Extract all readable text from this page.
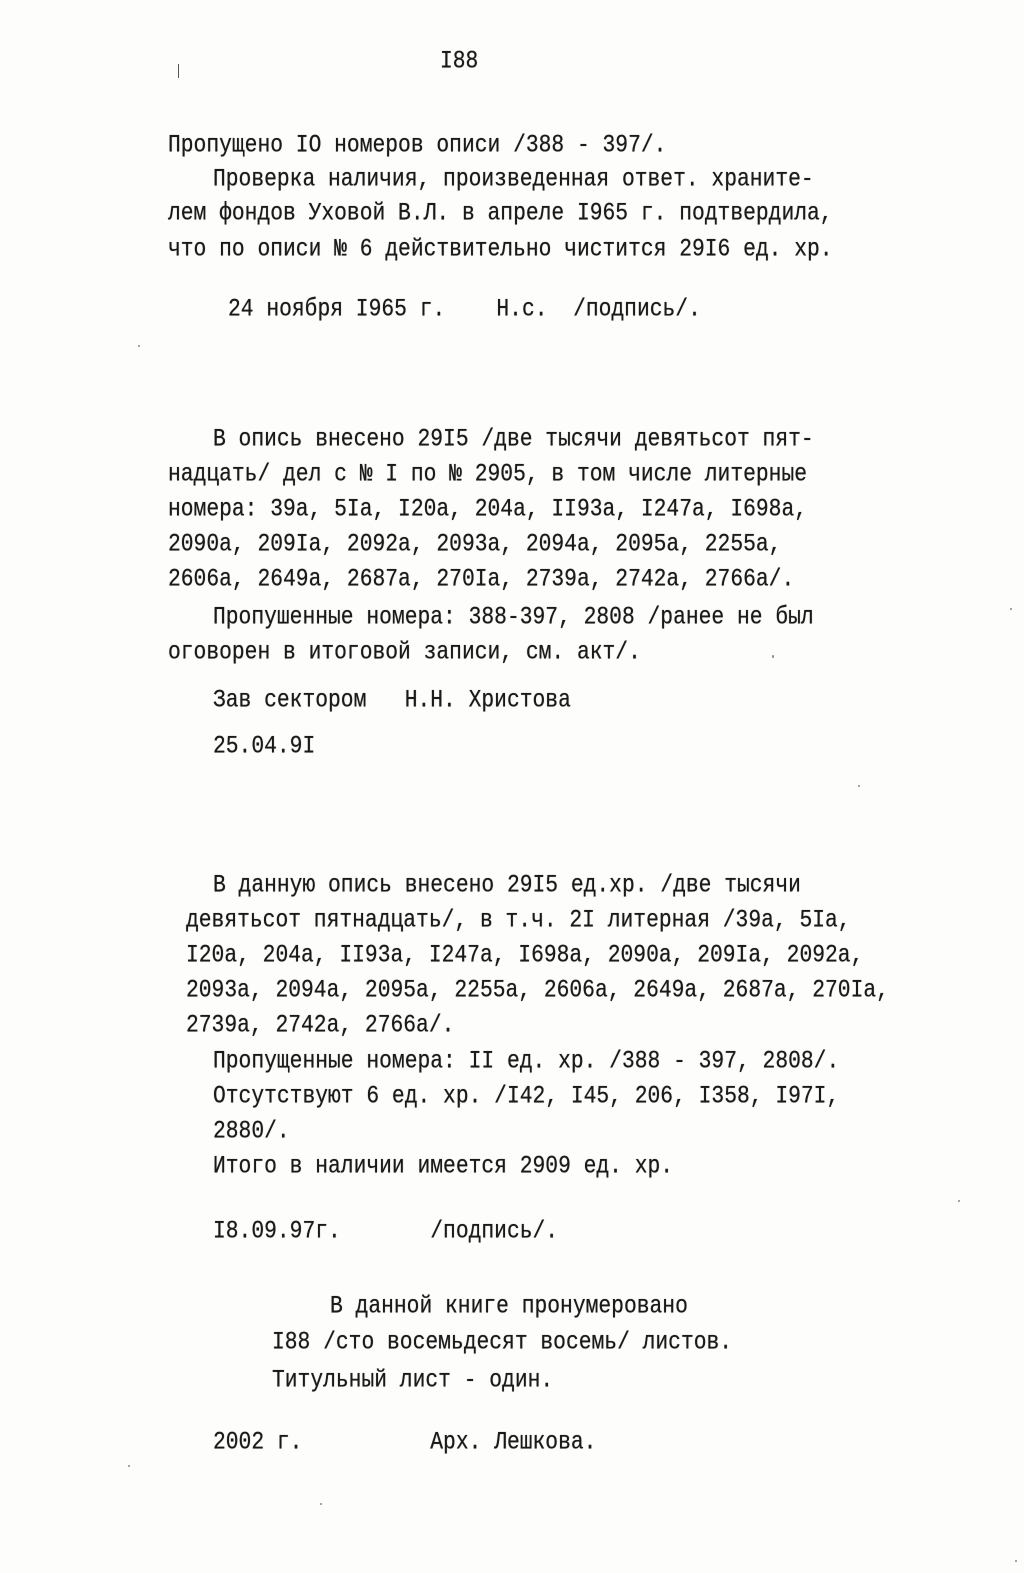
I88
Пропущено IO номеров описи /388 - 397/.
Проверка наличия, произведенная ответ. храните-
лем фондов Уховой В.Л. в апреле I965 г. подтвердила,
что по описи № 6 действительно чистится 29I6 ед. хр.
24 ноября I965 г.    Н.с.  /подпись/.
В опись внесено 29I5 /две тысячи девятьсот пят-
надцать/ дел с № I по № 2905, в том числе литерные
номера: 39а, 5Iа, I20а, 204а, II93а, I247а, I698а,
2090а, 209Iа, 2092а, 2093а, 2094а, 2095а, 2255а,
2606а, 2649а, 2687а, 270Iа, 2739а, 2742а, 2766а/.
Пропушенные номера: 388-397, 2808 /ранее не был
оговорен в итоговой записи, см. акт/.
Зав сектором   Н.Н. Христова
25.04.9I
В данную опись внесено 29I5 ед.хр. /две тысячи
девятьсот пятнадцать/, в т.ч. 2I литерная /39а, 5Iа,
I20а, 204а, II93а, I247а, I698а, 2090а, 209Iа, 2092а,
2093а, 2094а, 2095а, 2255а, 2606а, 2649а, 2687а, 270Iа,
2739а, 2742а, 2766а/.
Пропущенные номера: II ед. хр. /388 - 397, 2808/.
Отсутствуют 6 ед. хр. /I42, I45, 206, I358, I97I,
2880/.
Итого в наличии имеется 2909 ед. хр.
I8.09.97г.       /подпись/.
В данной книге пронумеровано
I88 /сто восемьдесят восемь/ листов.
Титульный лист - один.
2002 г.          Арх. Лешкова.
